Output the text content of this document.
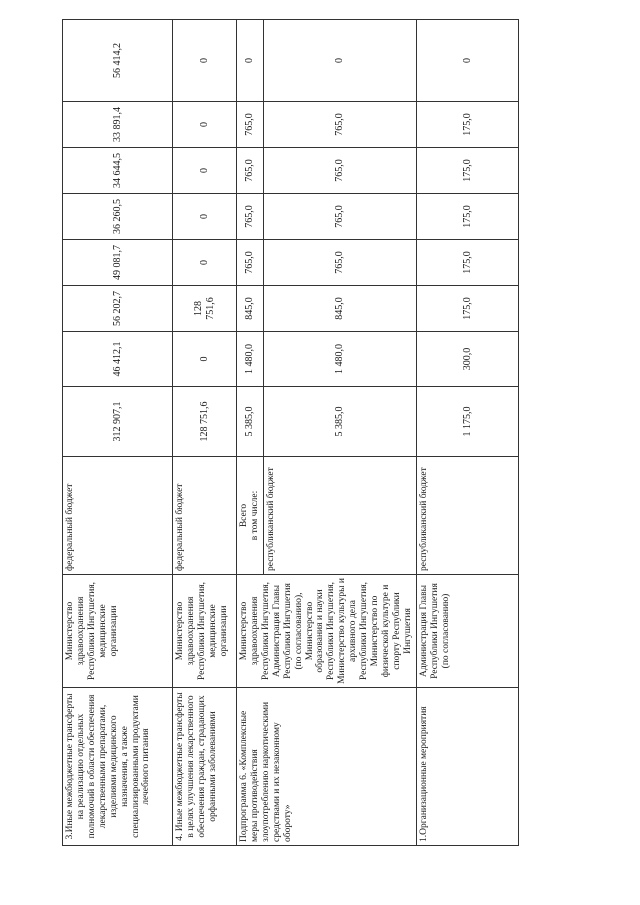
3.Иные межбюджетные трансферты на реализацию отдельных полномочий в области обеспечения лекарственными препаратами, изделиями медицинского назначения, а также специализированными продуктами лечебного питания	Министерство здравоохранения Республики Ингушетия, медицинские организации	федеральный бюджет	312 907,1	46 412,1	56 202,7	49 081,7	36 260,5	34 644,5	33 891,4	56 414,2
4. Иные межбюджетные трансферты в целях улучшения лекарственного обеспечения граждан, страдающих орфанными заболеваниями	Министерство здравоохранения Республики Ингушетия, медицинские организации	федеральный бюджет	128 751,6	0	128 751,6	0	0	0	0	0
Подпрограмма 6. «Комплексные меры противодействия злоупотреблению наркотическими средствами и их незаконному обороту»	Министерство здравоохранения Республики Ингушетия, Администрация Главы Республики Ингушетия (по согласованию), Министерство образования и науки Республики Ингушетия, Министерство культуры и архивного дела Республики Ингушетия, Министерство по физической культуре и спорту Республики Ингушетия	Всего в том числе:	5 385,0	1 480,0	845,0	765,0	765,0	765,0	765,0	0
		республиканский бюджет	5 385,0	1 480,0	845,0	765,0	765,0	765,0	765,0	0
1.Организационные мероприятия	Администрация Главы Республики Ингушетия (по согласованию)	республиканский бюджет	1 175,0	300,0	175,0	175,0	175,0	175,0	175,0	0
